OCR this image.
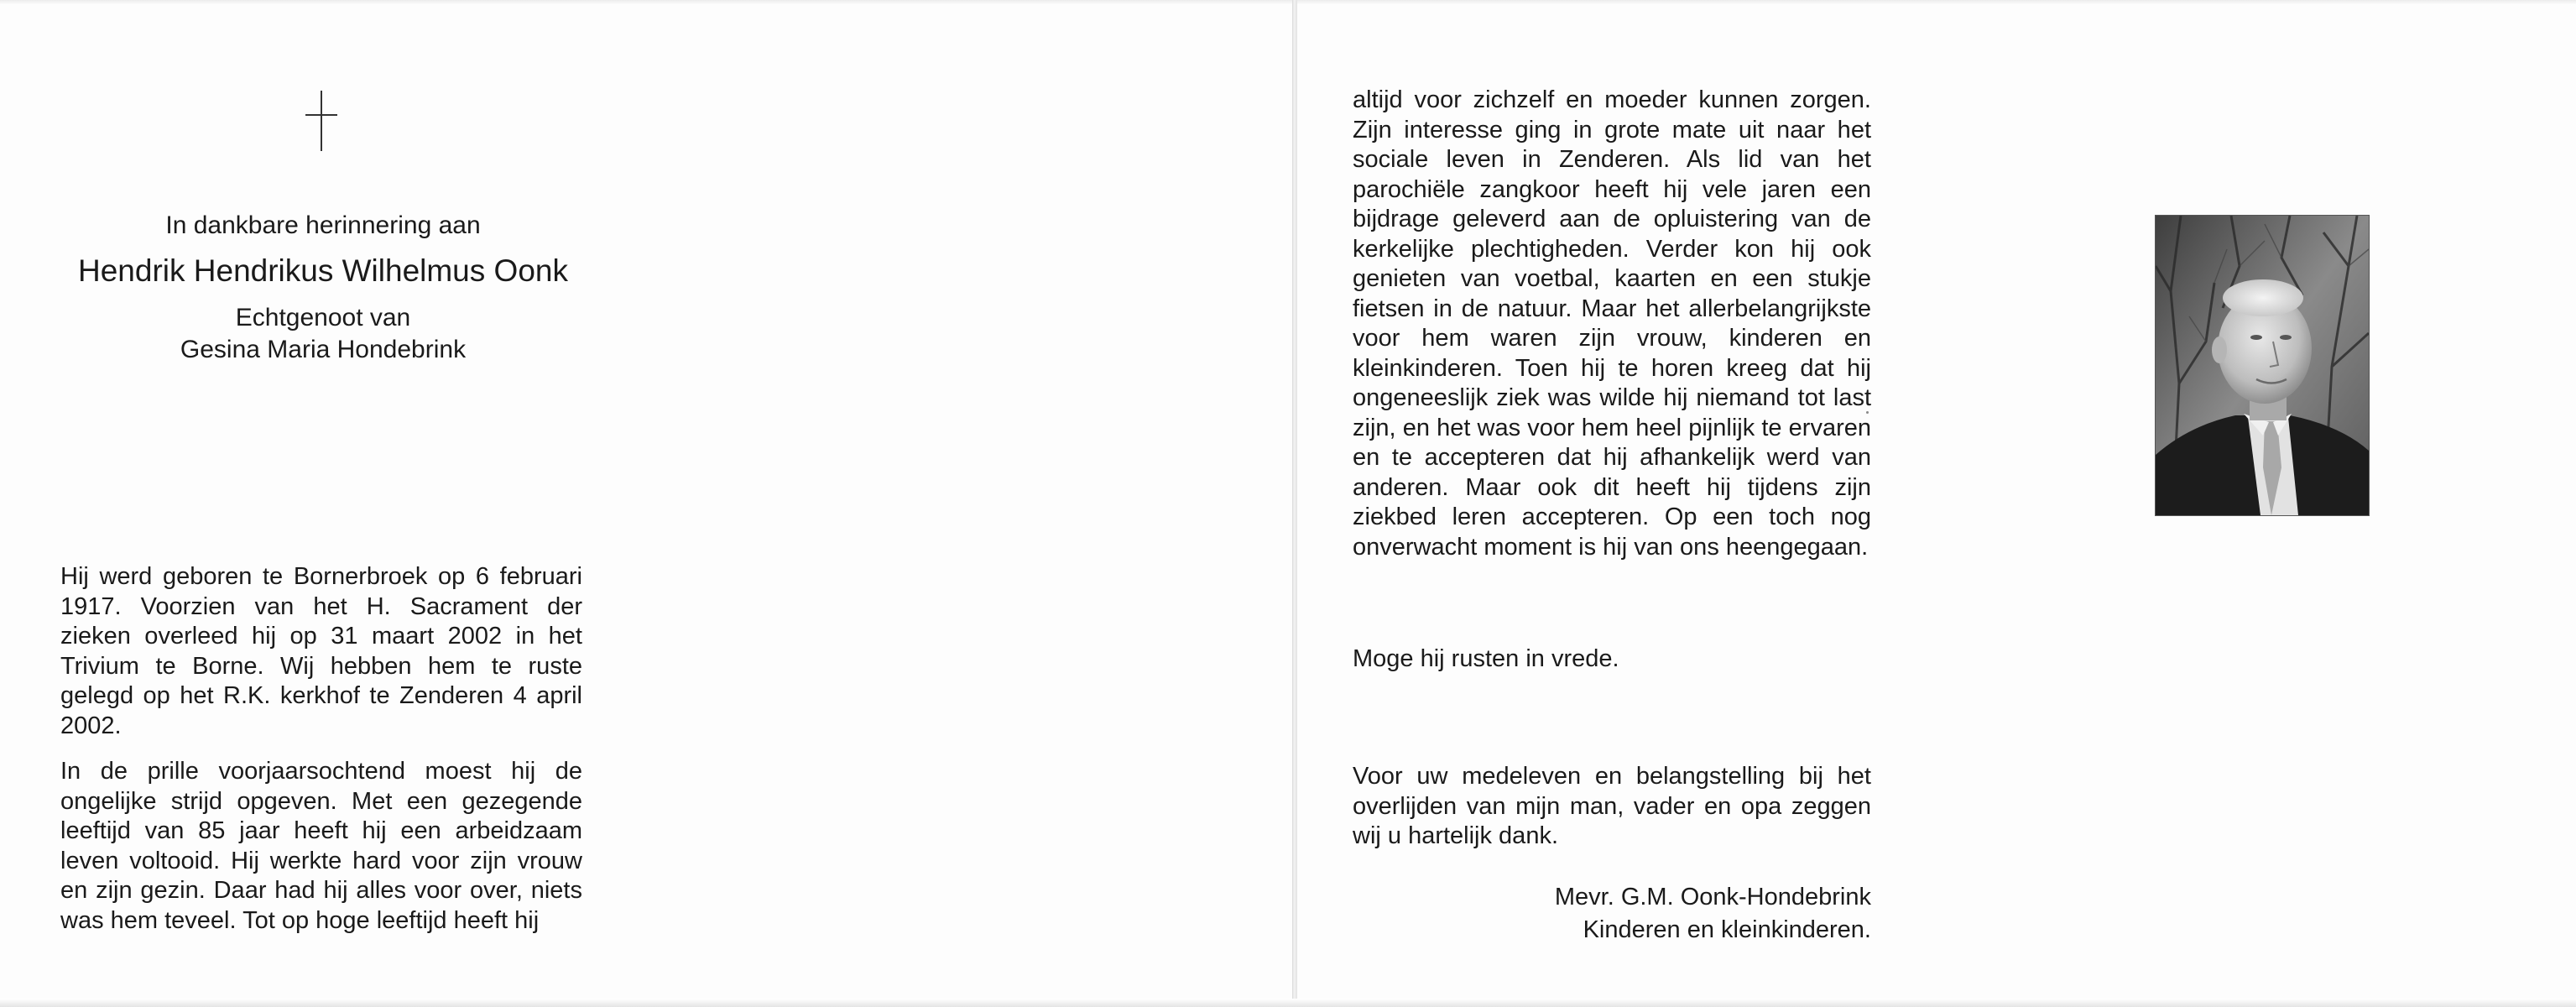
In dankbare herinnering aan
Hendrik Hendrikus Wilhelmus Oonk
Echtgenoot van
Gesina Maria Hondebrink
Hij werd geboren te Bornerbroek op 6 februari 1917. Voorzien van het H. Sacrament der zieken overleed hij op 31 maart 2002 in het Trivium te Borne. Wij hebben hem te ruste gelegd op het R.K. kerkhof te Zenderen 4 april 2002.
In de prille voorjaarsochtend moest hij de ongelijke strijd opgeven. Met een gezegende leeftijd van 85 jaar heeft hij een arbeidzaam leven voltooid. Hij werkte hard voor zijn vrouw en zijn gezin. Daar had hij alles voor over, niets was hem teveel. Tot op hoge leeftijd heeft hij
altijd voor zichzelf en moeder kunnen zorgen. Zijn interesse ging in grote mate uit naar het sociale leven in Zenderen. Als lid van het parochiële zangkoor heeft hij vele jaren een bijdrage geleverd aan de opluistering van de kerkelijke plechtigheden. Verder kon hij ook genieten van voetbal, kaarten en een stukje fietsen in de natuur. Maar het allerbelangrijkste voor hem waren zijn vrouw, kinderen en kleinkinderen. Toen hij te horen kreeg dat hij ongeneeslijk ziek was wilde hij niemand tot last zijn, en het was voor hem heel pijnlijk te ervaren en te accepteren dat hij afhankelijk werd van anderen. Maar ook dit heeft hij tijdens zijn ziekbed leren accepteren. Op een toch nog onverwacht moment is hij van ons heengegaan.
Moge hij rusten in vrede.
Voor uw medeleven en belangstelling bij het overlijden van mijn man, vader en opa zeggen wij u hartelijk dank.
Mevr. G.M. Oonk-Hondebrink
Kinderen en kleinkinderen.
